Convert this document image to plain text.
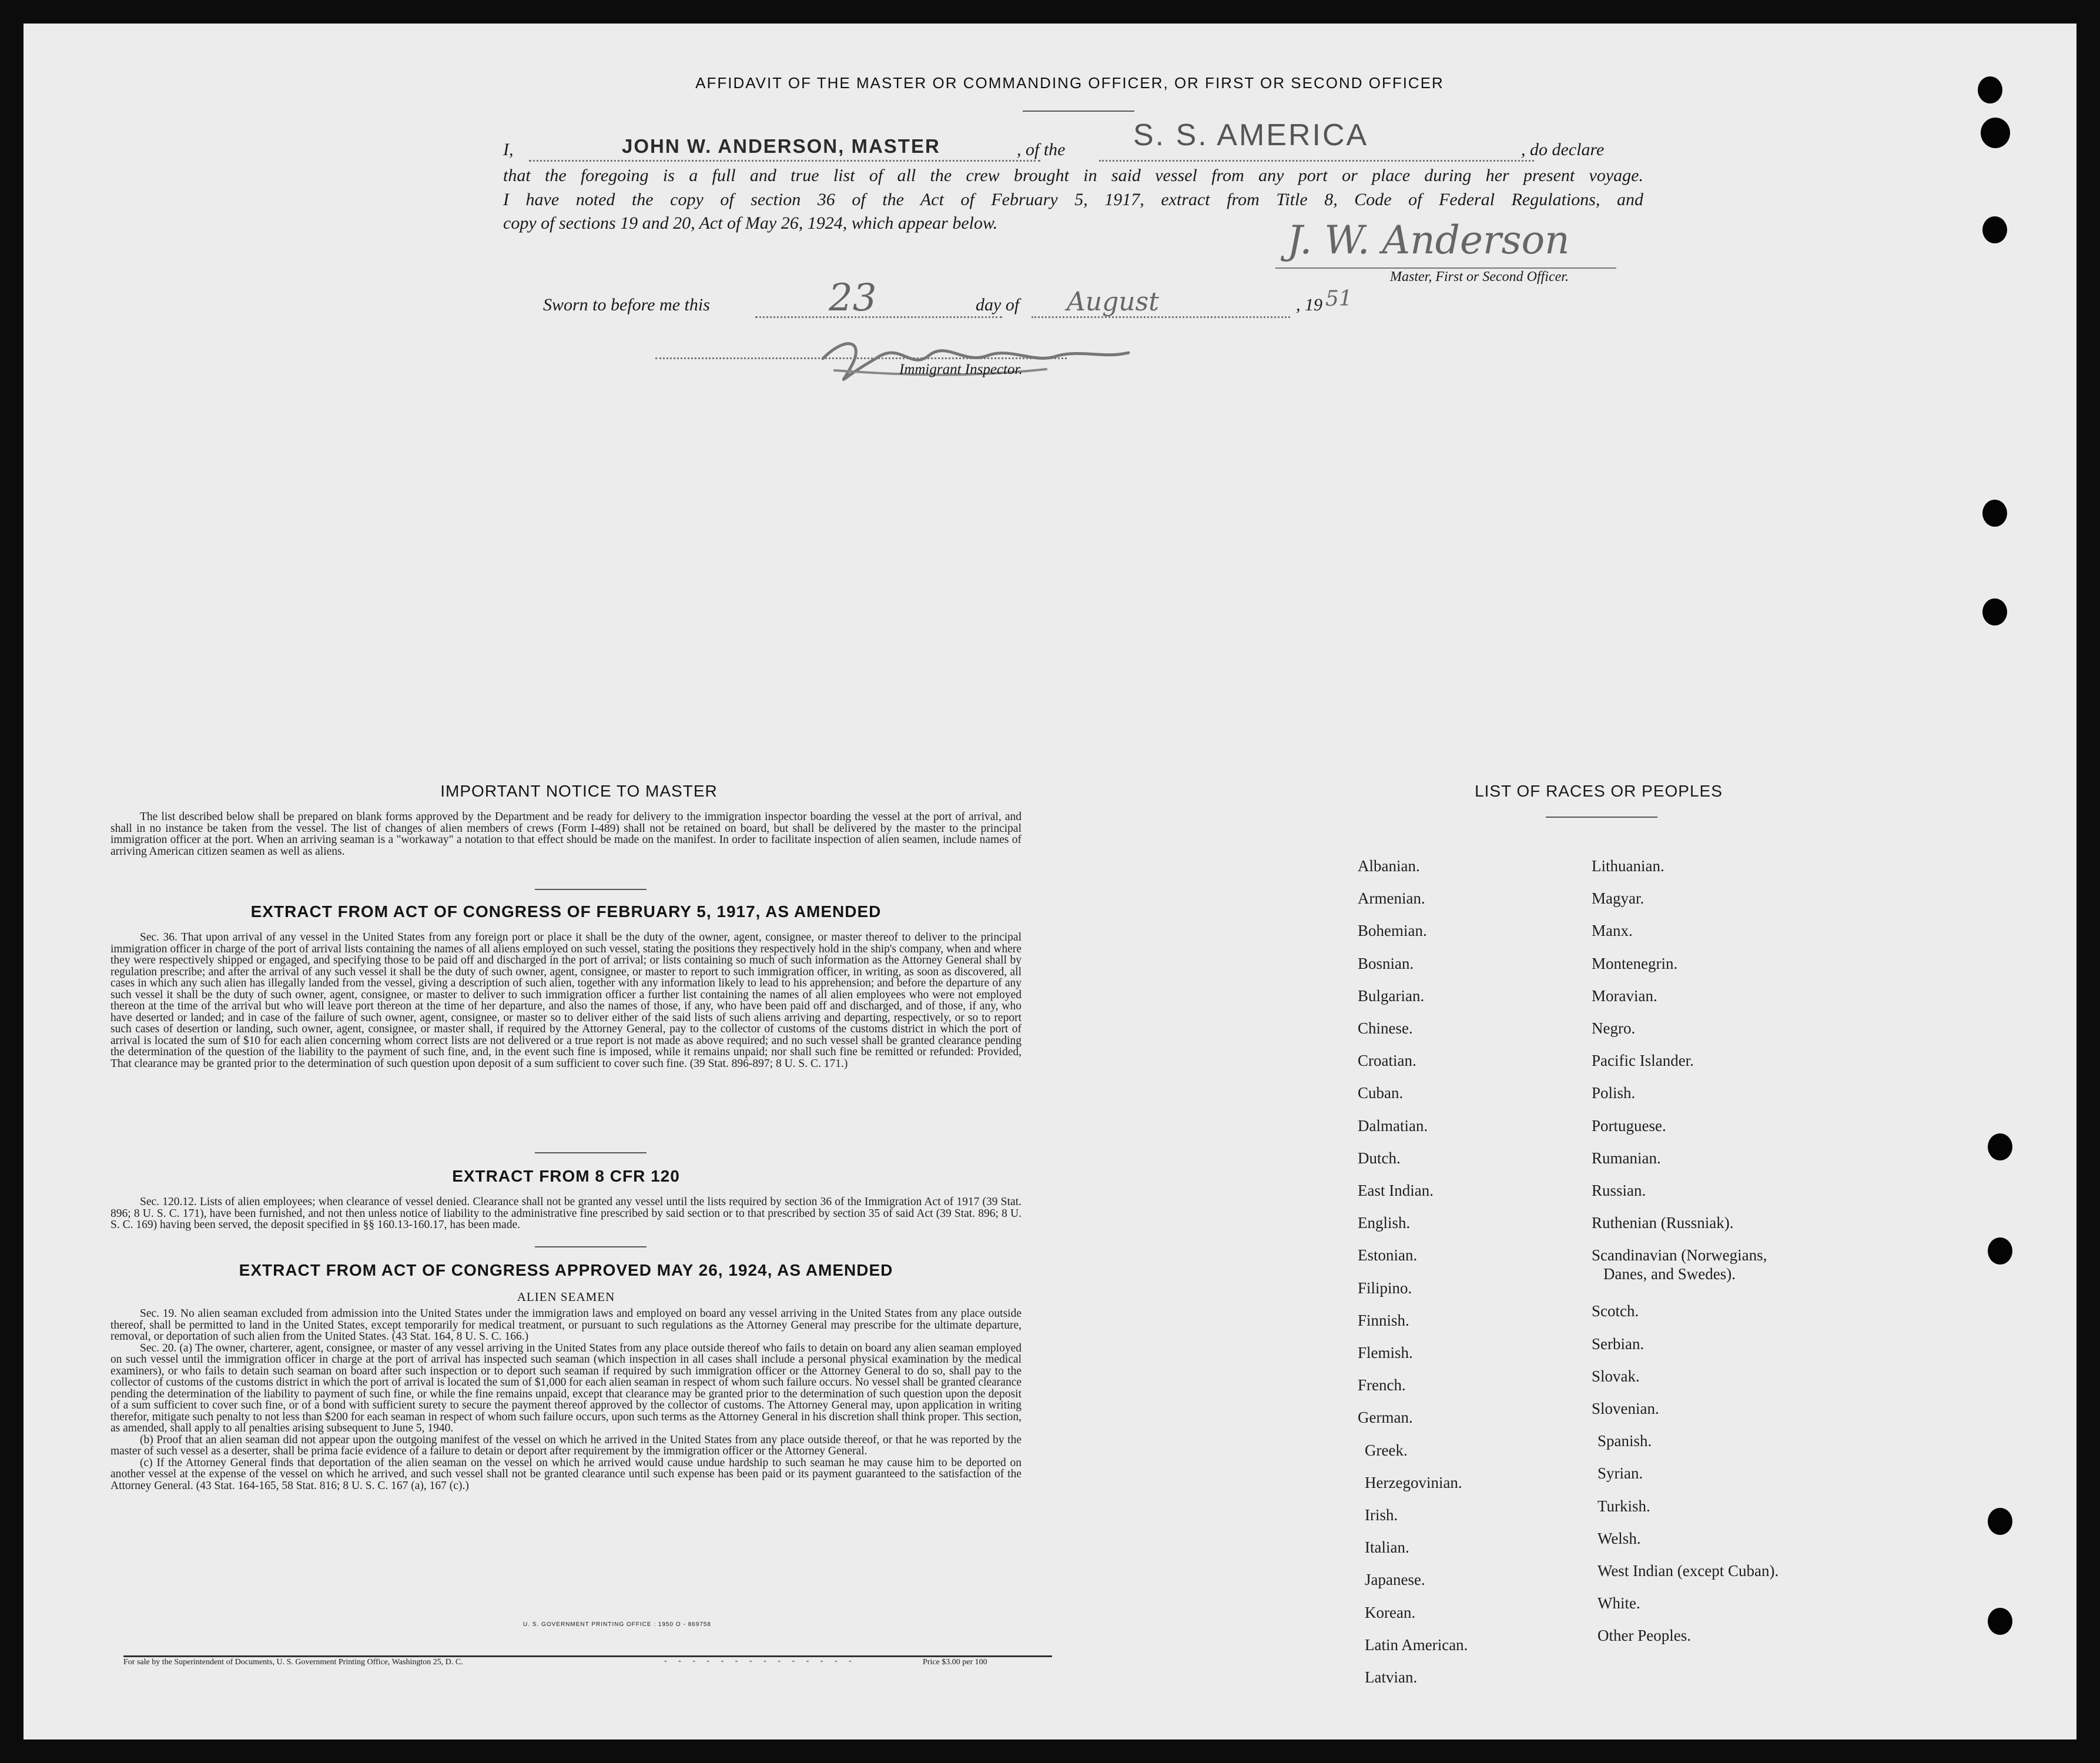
AFFIDAVIT OF THE MASTER OR COMMANDING OFFICER, OR FIRST OR SECOND OFFICER
I,	JOHN W. ANDERSON, MASTER	, of the S. S. AMERICA	, do declare
that the foregoing is a full and true list of all the crew brought in said vessel from any port or place during her present voyage.
I have noted the copy of section 36 of the Act of February 5, 1917, extract from Title 8, Code of Federal Regulations, and
copy of sections 19 and 20, Act of May 26, 1924, which appear below.	J. W. Anderson
Master, First or Second Officer.
Sworn to before me this	23	day of August	, 19 51
Immigrant Inspector.
IMPORTANT NOTICE TO MASTER
The list described below shall be prepared on blank forms approved by the Department and be ready for delivery to the immigration inspector boarding the vessel at the port of arrival, and shall in no instance be taken from the vessel. The list of changes of alien members of crews (Form I-489) shall not be retained on board, but shall be delivered by the master to the principal immigration officer at the port. When an arriving seaman is a "workaway" a notation to that effect should be made on the manifest. In order to facilitate inspection of alien seamen, include names of arriving American citizen seamen as well as aliens.
EXTRACT FROM ACT OF CONGRESS OF FEBRUARY 5, 1917, AS AMENDED
Sec. 36. That upon arrival of any vessel in the United States from any foreign port or place it shall be the duty of the owner, agent, consignee, or master thereof to deliver to the principal immigration officer in charge of the port of arrival lists containing the names of all aliens employed on such vessel, stating the positions they respectively hold in the ship's company, when and where they were respectively shipped or engaged, and specifying those to be paid off and discharged in the port of arrival; or lists containing so much of such information as the Attorney General shall by regulation prescribe; and after the arrival of any such vessel it shall be the duty of such owner, agent, consignee, or master to report to such immigration officer, in writing, as soon as discovered, all cases in which any such alien has illegally landed from the vessel, giving a description of such alien, together with any information likely to lead to his apprehension; and before the departure of any such vessel it shall be the duty of such owner, agent, consignee, or master to deliver to such immigration officer a further list containing the names of all alien employees who were not employed thereon at the time of the arrival but who will leave port thereon at the time of her departure, and also the names of those, if any, who have been paid off and discharged, and of those, if any, who have deserted or landed; and in case of the failure of such owner, agent, consignee, or master so to deliver either of the said lists of such aliens arriving and departing, respectively, or so to report such cases of desertion or landing, such owner, agent, consignee, or master shall, if required by the Attorney General, pay to the collector of customs of the customs district in which the port of arrival is located the sum of $10 for each alien concerning whom correct lists are not delivered or a true report is not made as above required; and no such vessel shall be granted clearance pending the determination of the question of the liability to the payment of such fine, and, in the event such fine is imposed, while it remains unpaid; nor shall such fine be remitted or refunded: Provided, That clearance may be granted prior to the determination of such question upon deposit of a sum sufficient to cover such fine. (39 Stat. 896-897; 8 U. S. C. 171.)
EXTRACT FROM 8 CFR 120
Sec. 120.12. Lists of alien employees; when clearance of vessel denied. Clearance shall not be granted any vessel until the lists required by section 36 of the Immigration Act of 1917 (39 Stat. 896; 8 U. S. C. 171), have been furnished, and not then unless notice of liability to the administrative fine prescribed by said section or to that prescribed by section 35 of said Act (39 Stat. 896; 8 U. S. C. 169) having been served, the deposit specified in §§ 160.13-160.17, has been made.
EXTRACT FROM ACT OF CONGRESS APPROVED MAY 26, 1924, AS AMENDED
ALIEN SEAMEN
Sec. 19. No alien seaman excluded from admission into the United States under the immigration laws and employed on board any vessel arriving in the United States from any place outside thereof, shall be permitted to land in the United States, except temporarily for medical treatment, or pursuant to such regulations as the Attorney General may prescribe for the ultimate departure, removal, or deportation of such alien from the United States. (43 Stat. 164, 8 U. S. C. 166.)
Sec. 20. (a) The owner, charterer, agent, consignee, or master of any vessel arriving in the United States from any place outside thereof who fails to detain on board any alien seaman employed on such vessel until the immigration officer in charge at the port of arrival has inspected such seaman (which inspection in all cases shall include a personal physical examination by the medical examiners), or who fails to detain such seaman on board after such inspection or to deport such seaman if required by such immigration officer or the Attorney General to do so, shall pay to the collector of customs of the customs district in which the port of arrival is located the sum of $1,000 for each alien seaman in respect of whom such failure occurs. No vessel shall be granted clearance pending the determination of the liability to payment of such fine, or while the fine remains unpaid, except that clearance may be granted prior to the determination of such question upon the deposit of a sum sufficient to cover such fine, or of a bond with sufficient surety to secure the payment thereof approved by the collector of customs. The Attorney General may, upon application in writing therefor, mitigate such penalty to not less than $200 for each seaman in respect of whom such failure occurs, upon such terms as the Attorney General in his discretion shall think proper. This section, as amended, shall apply to all penalties arising subsequent to June 5, 1940.
(b) Proof that an alien seaman did not appear upon the outgoing manifest of the vessel on which he arrived in the United States from any place outside thereof, or that he was reported by the master of such vessel as a deserter, shall be prima facie evidence of a failure to detain or deport after requirement by the immigration officer or the Attorney General.
(c) If the Attorney General finds that deportation of the alien seaman on the vessel on which he arrived would cause undue hardship to such seaman he may cause him to be deported on another vessel at the expense of the vessel on which he arrived, and such vessel shall not be granted clearance until such expense has been paid or its payment guaranteed to the satisfaction of the Attorney General. (43 Stat. 164-165, 58 Stat. 816; 8 U. S. C. 167 (a), 167 (c).)
U. S. GOVERNMENT PRINTING OFFICE : 1950 O - 869758
For sale by the Superintendent of Documents, U. S. Government Printing Office, Washington 25, D. C.	- - - - - - - - - - - - - -	Price $3.00 per 100
LIST OF RACES OR PEOPLES
Albanian.
Armenian.
Bohemian.
Bosnian.
Bulgarian.
Chinese.
Croatian.
Cuban.
Dalmatian.
Dutch.
East Indian.
English.
Estonian.
Filipino.
Finnish.
Flemish.
French.
German.
Greek.
Herzegovinian.
Irish.
Italian.
Japanese.
Korean.
Latin American.
Latvian.
Lithuanian.
Magyar.
Manx.
Montenegrin.
Moravian.
Negro.
Pacific Islander.
Polish.
Portuguese.
Rumanian.
Russian.
Ruthenian (Russniak).
Scandinavian (Norwegians,
Danes, and Swedes).
Scotch.
Serbian.
Slovak.
Slovenian.
Spanish.
Syrian.
Turkish.
Welsh.
West Indian (except Cuban).
White.
Other Peoples.
